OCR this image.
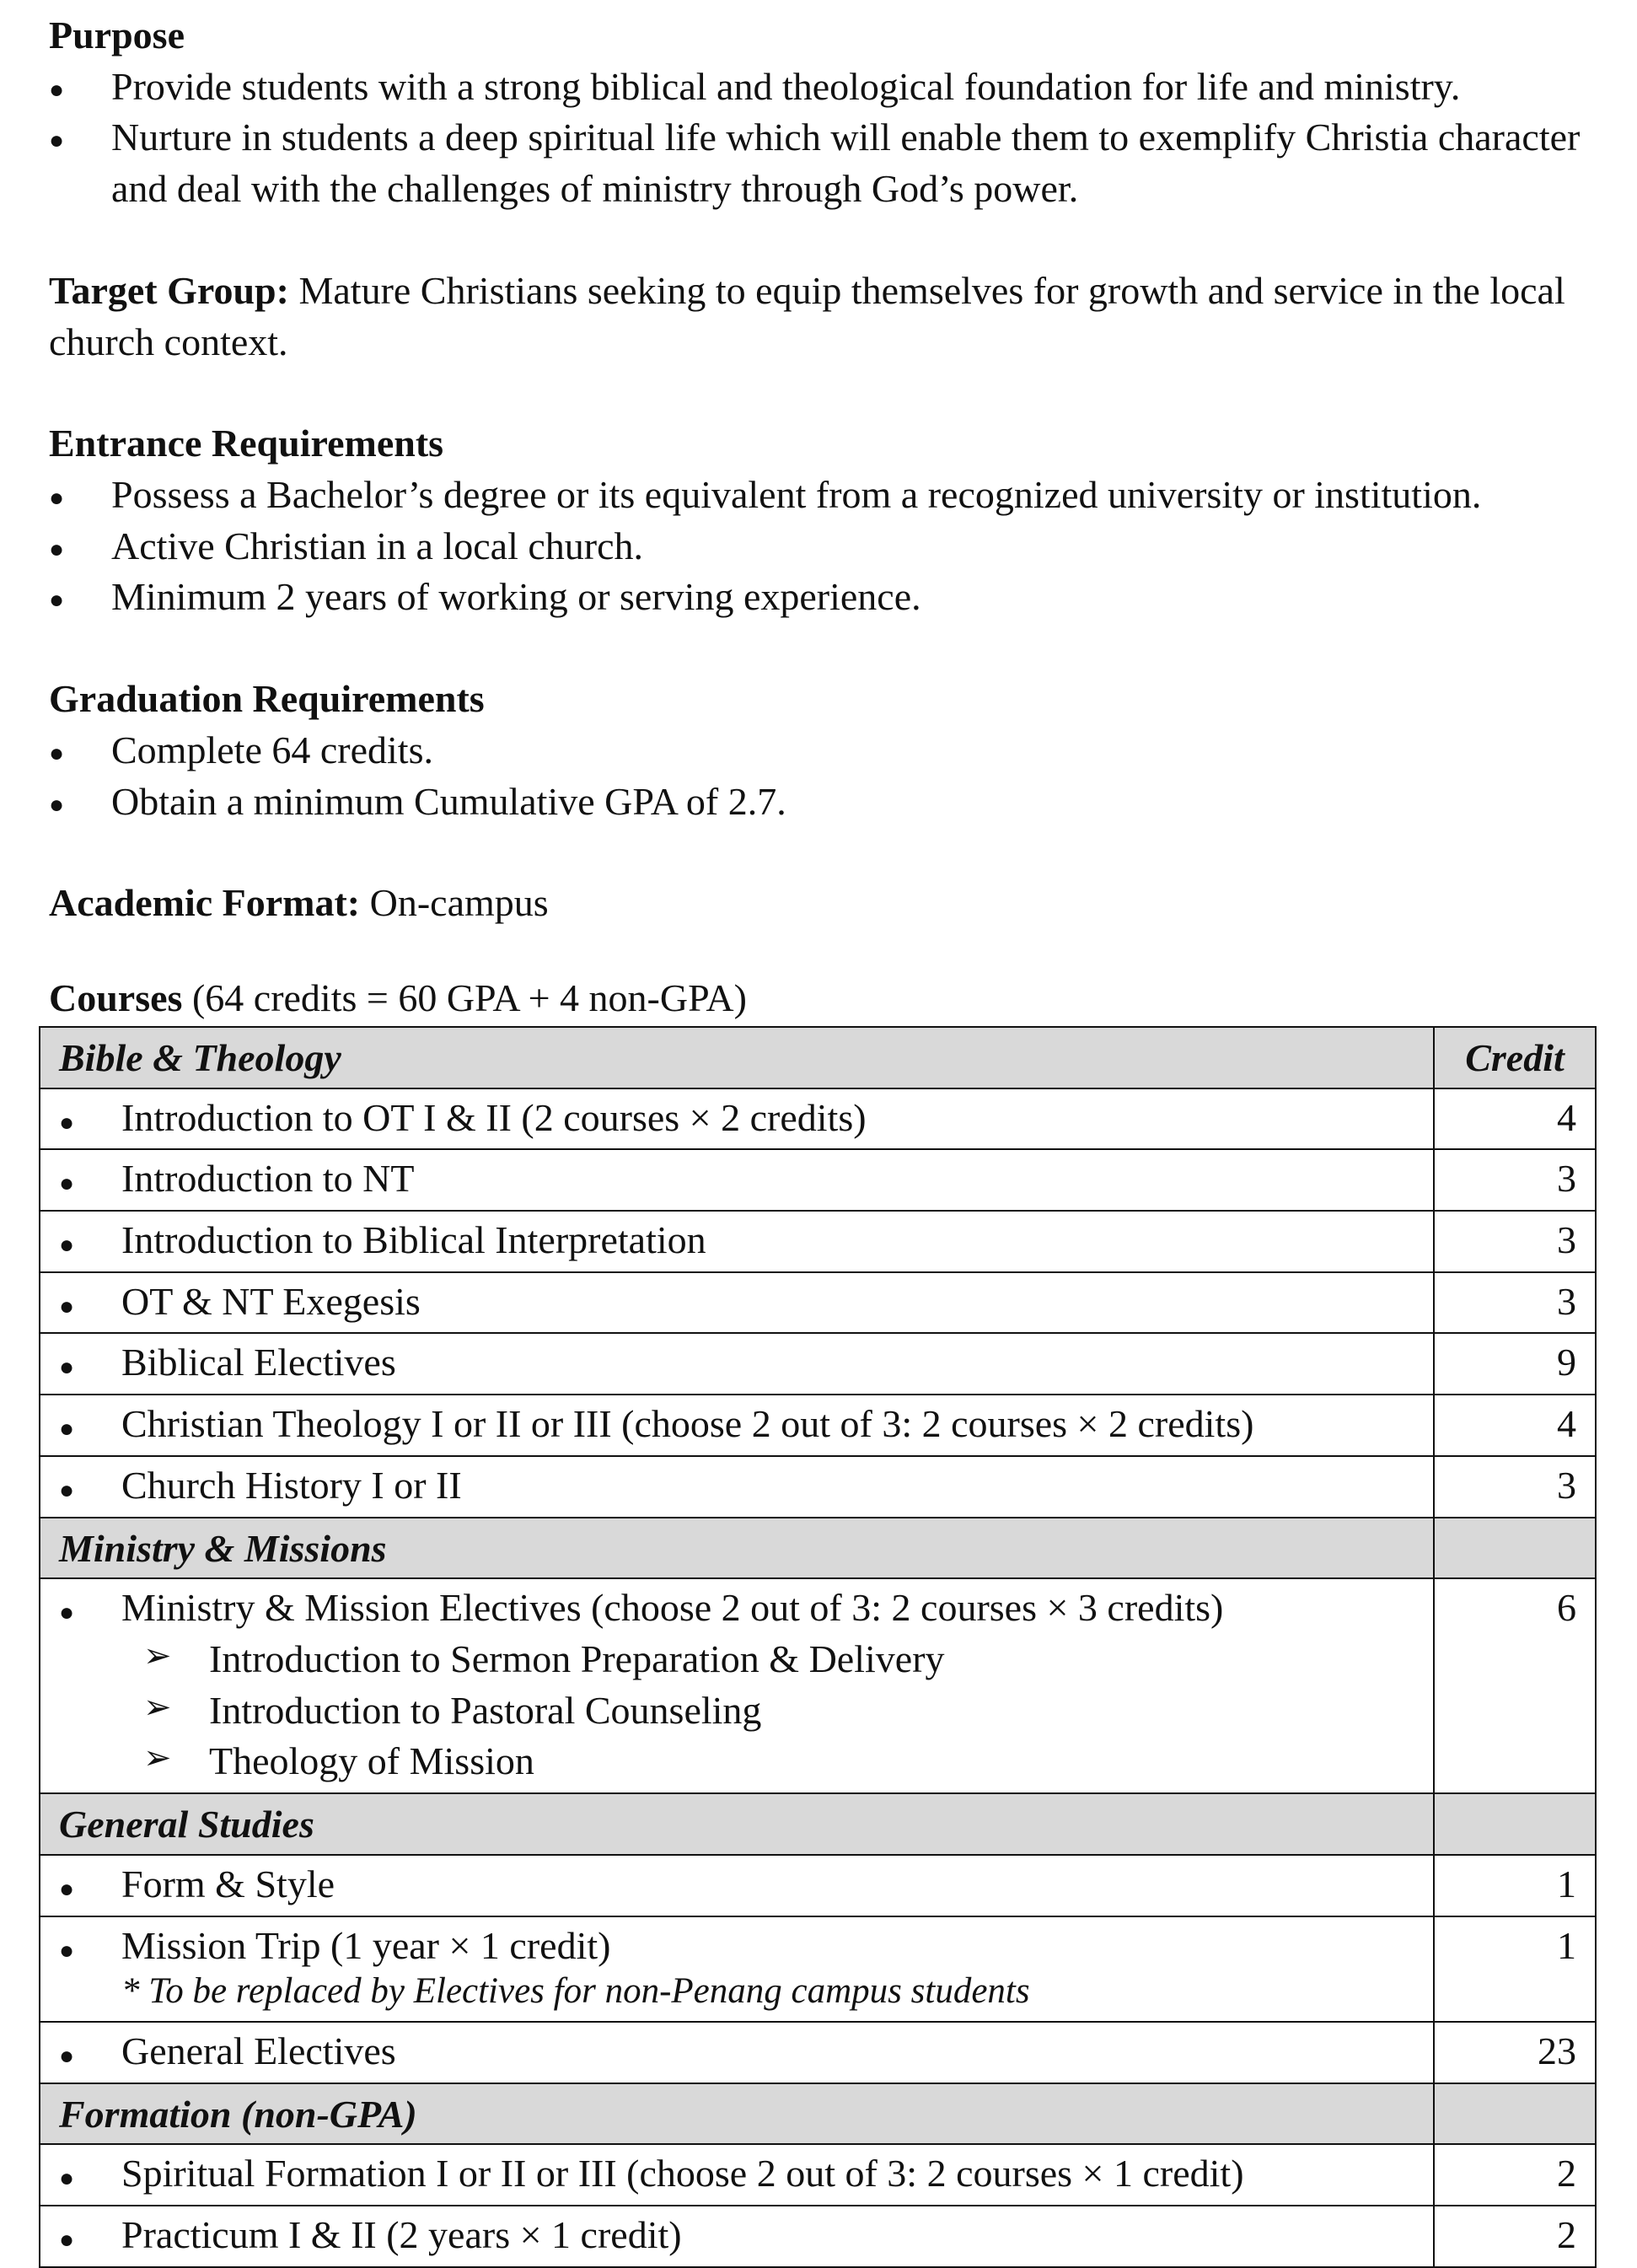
Purpose
● Provide students with a strong biblical and theological foundation for life and ministry.
● Nurture in students a deep spiritual life which will enable them to exemplify Christia character and deal with the challenges of ministry through God’s power.
Target Group: Mature Christians seeking to equip themselves for growth and service in the local church context.
Entrance Requirements
● Possess a Bachelor’s degree or its equivalent from a recognized university or institution.
● Active Christian in a local church.
● Minimum 2 years of working or serving experience.
Graduation Requirements
● Complete 64 credits.
● Obtain a minimum Cumulative GPA of 2.7.
Academic Format: On-campus
Courses (64 credits = 60 GPA + 4 non-GPA)
Bible & Theology	Credit

● Introduction to OT I & II (2 courses × 2 credits)	4

● Introduction to NT	3

● Introduction to Biblical Interpretation	3

● OT & NT Exegesis	3

● Biblical Electives	9

● Christian Theology I or II or III (choose 2 out of 3: 2 courses × 2 credits)	4

● Church History I or II	3
Ministry & Missions	

● Ministry & Mission Electives (choose 2 out of 3: 2 courses × 3 credits)
➢ Introduction to Sermon Preparation & Delivery
➢ Introduction to Pastoral Counseling
➢ Theology of Mission	6
General Studies	

● Form & Style	1

● Mission Trip (1 year × 1 credit)
* To be replaced by Electives for non-Penang campus students	1

● General Electives	23
Formation (non-GPA)	

● Spiritual Formation I or II or III (choose 2 out of 3: 2 courses × 1 credit)	2

● Practicum I & II (2 years × 1 credit)	2
